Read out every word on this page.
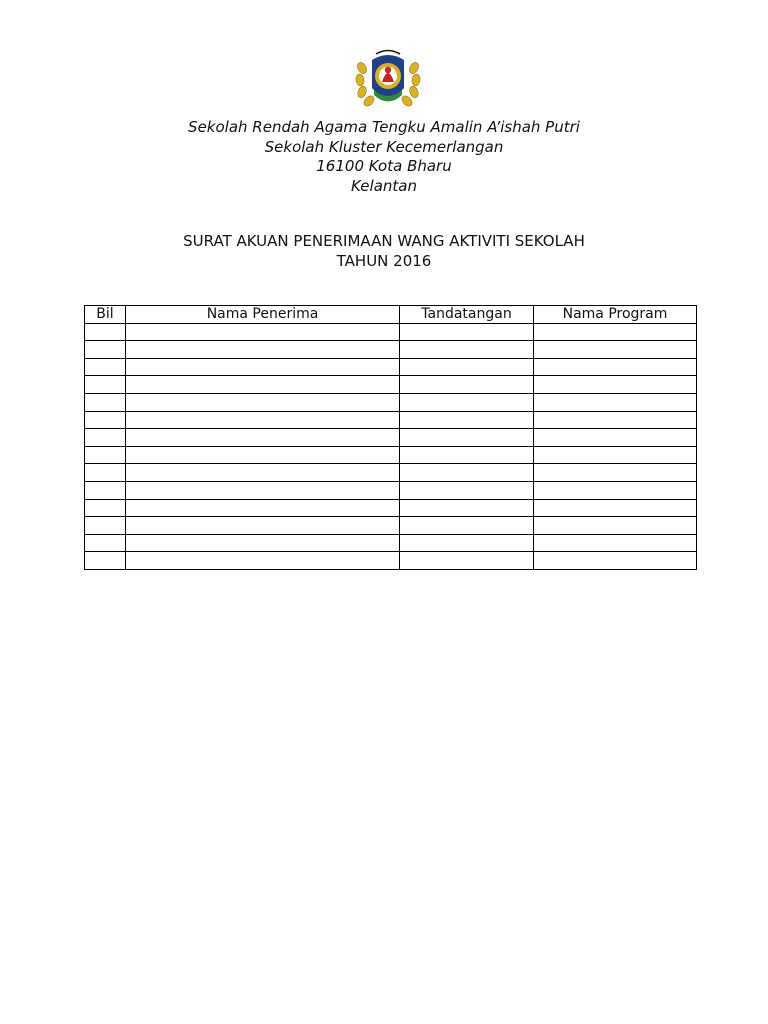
Sekolah Rendah Agama Tengku Amalin A’ishah Putri
Sekolah Kluster Kecemerlangan
16100 Kota Bharu
Kelantan
SURAT AKUAN PENERIMAAN WANG AKTIVITI SEKOLAH
TAHUN 2016
Bil	Nama Penerima	Tandatangan	Nama Program
